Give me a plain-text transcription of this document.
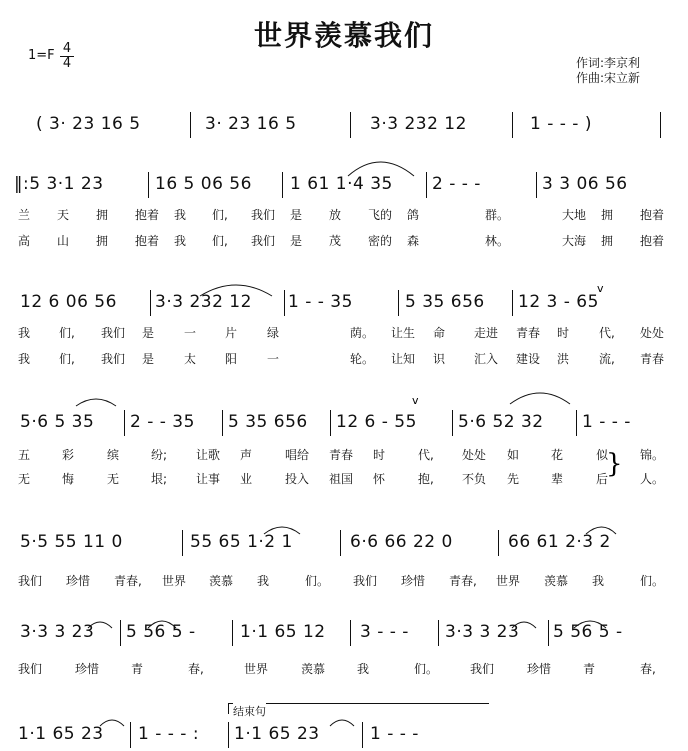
世界羡慕我们
1=F 4
4	作词:李京利
作曲:宋立新
( 3· 23 16 5	3· 23 16 5	3·3 232 12	1 - - - )
‖:5 3·1 23	16 5 06 56 1 61 1·4 35 2 - - -	3 3 06 56
兰 天 拥 抱着 我 们, 我们 是 放 飞的 鸽	群。	大地 拥 抱着
高 山 拥 抱着 我 们, 我们 是 茂 密的 森	林。	大海 拥 抱着
12 6 06 56 3·3 232 12 1 - - 35	5 35 656 12 3 - 65
我 们, 我们 是 一 片 绿	荫。 让生 命 走进 青春 时 代, 处处
我 们, 我们 是 太 阳 一	轮。 让知 识 汇入 建设 洪 流, 青春
5·6 5 35 2 - - 35 5 35 656 12 6 - 55 5·6 52 32 1 - - -
五	彩	缤	纷; 让歌 声	唱给 青春 时	代, 处处 如	花	似	锦。
无	悔	无	垠; 让事 业	投入 祖国 怀	抱, 不负 先	辈	后	人。
5·5 55 11 0	55 65 1·2 1	6·6 66 22 0	66 61 2·3 2
我们 珍惜 青春, 世界 羡慕 我	们。 我们 珍惜 青春, 世界 羡慕 我	们。
3·3 3 23 5 56 5 -	1·1 65 12 3 - - - 3·3 3 23 5 56 5 -
我们	珍惜	青	春,	世界	羡慕	我	们。	我们	珍惜	青	春,
1·1 65 23 1 - - - : 1·1 65 23	1 - - -
结束句
v
v
}
